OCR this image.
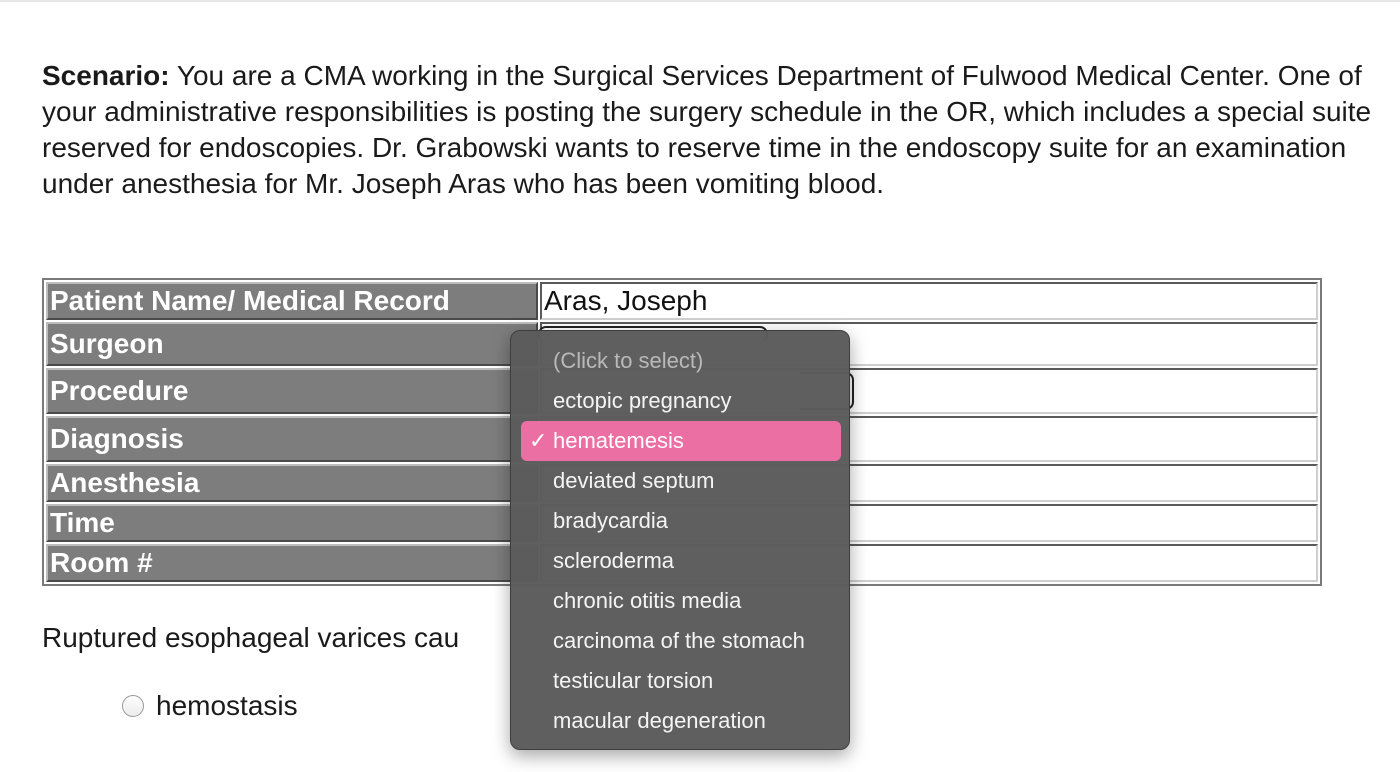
Scenario: You are a CMA working in the Surgical Services Department of Fulwood Medical Center. One of your administrative responsibilities is posting the surgery schedule in the OR, which includes a special suite reserved for endoscopies. Dr. Grabowski wants to reserve time in the endoscopy suite for an examination under anesthesia for Mr. Joseph Aras who has been vomiting blood.
Patient Name/ Medical Record	Aras, Joseph
Surgeon	
Procedure	
Diagnosis	
Anesthesia	
Time	
Room #	
Ruptured esophageal varices cau
hemostasis
(Click to select)
ectopic pregnancy
✓ hematemesis
deviated septum
bradycardia
scleroderma
chronic otitis media
carcinoma of the stomach
testicular torsion
macular degeneration
